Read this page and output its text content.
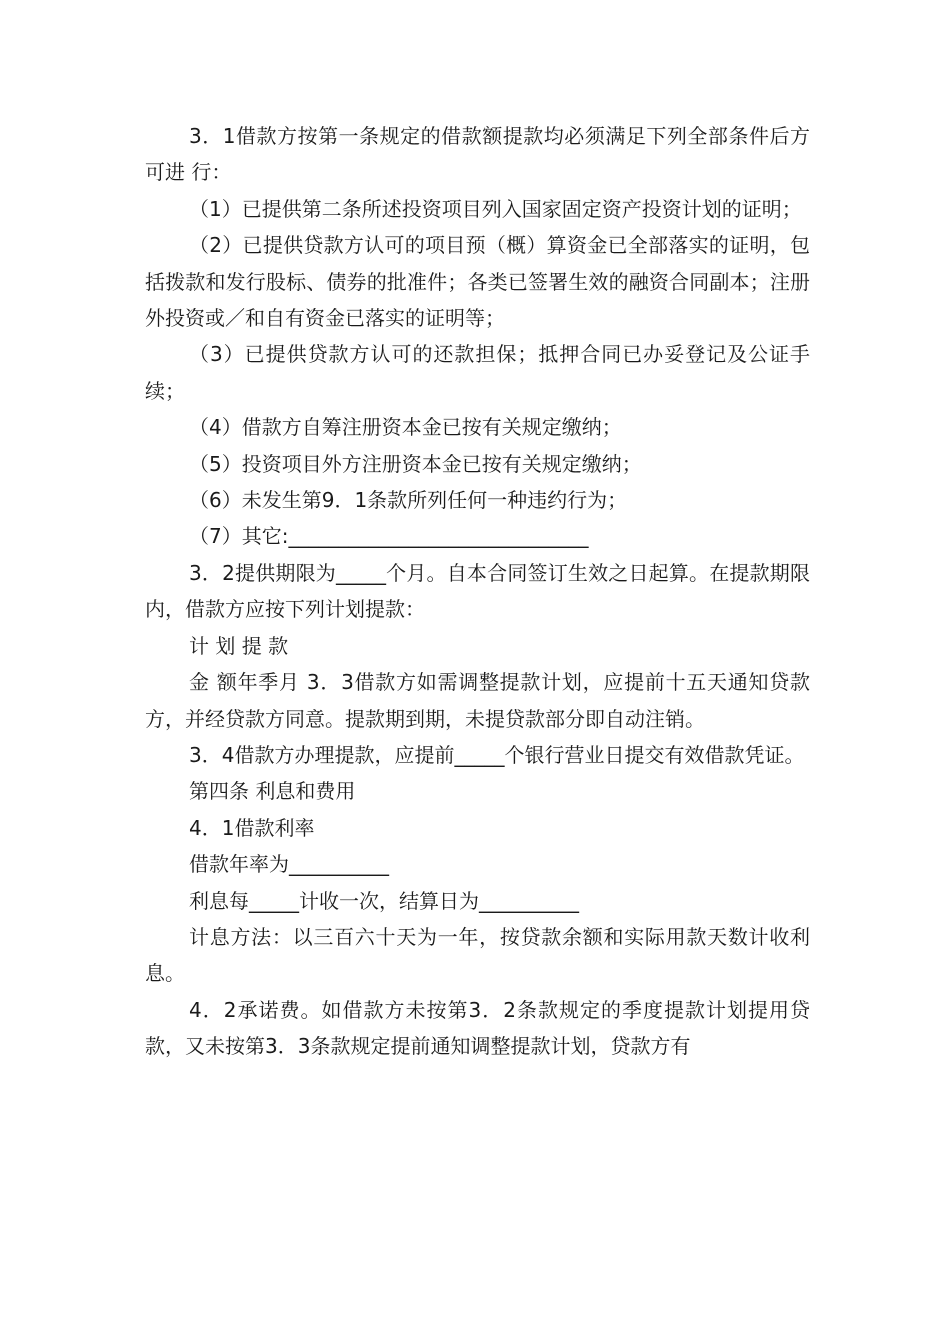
3．1借款方按第一条规定的借款额提款均必须满足下列全部条件后方可进 行：

（1）已提供第二条所述投资项目列入国家固定资产投资计划的证明；

（2）已提供贷款方认可的项目预（概）算资金已全部落实的证明，包括拨款和发行股标、债券的批准件；各类已签署生效的融资合同副本；注册外投资或／和自有资金已落实的证明等；

（3）已提供贷款方认可的还款担保；抵押合同已办妥登记及公证手续；

（4）借款方自筹注册资本金已按有关规定缴纳；

（5）投资项目外方注册资本金已按有关规定缴纳；

（6）未发生第9．1条款所列任何一种违约行为；

（7）其它:______________________________

3．2提供期限为_____个月。自本合同签订生效之日起算。在提款期限内，借款方应按下列计划提款：

计 划 提 款

金 额年季月 3．3借款方如需调整提款计划，应提前十五天通知贷款方，并经贷款方同意。提款期到期，未提贷款部分即自动注销。

3．4借款方办理提款，应提前_____个银行营业日提交有效借款凭证。

第四条 利息和费用

4．1借款利率

借款年率为__________

利息每_____计收一次，结算日为__________

计息方法：以三百六十天为一年，按贷款余额和实际用款天数计收利息。

4．2承诺费。如借款方未按第3．2条款规定的季度提款计划提用贷款，又未按第3．3条款规定提前通知调整提款计划，贷款方有
